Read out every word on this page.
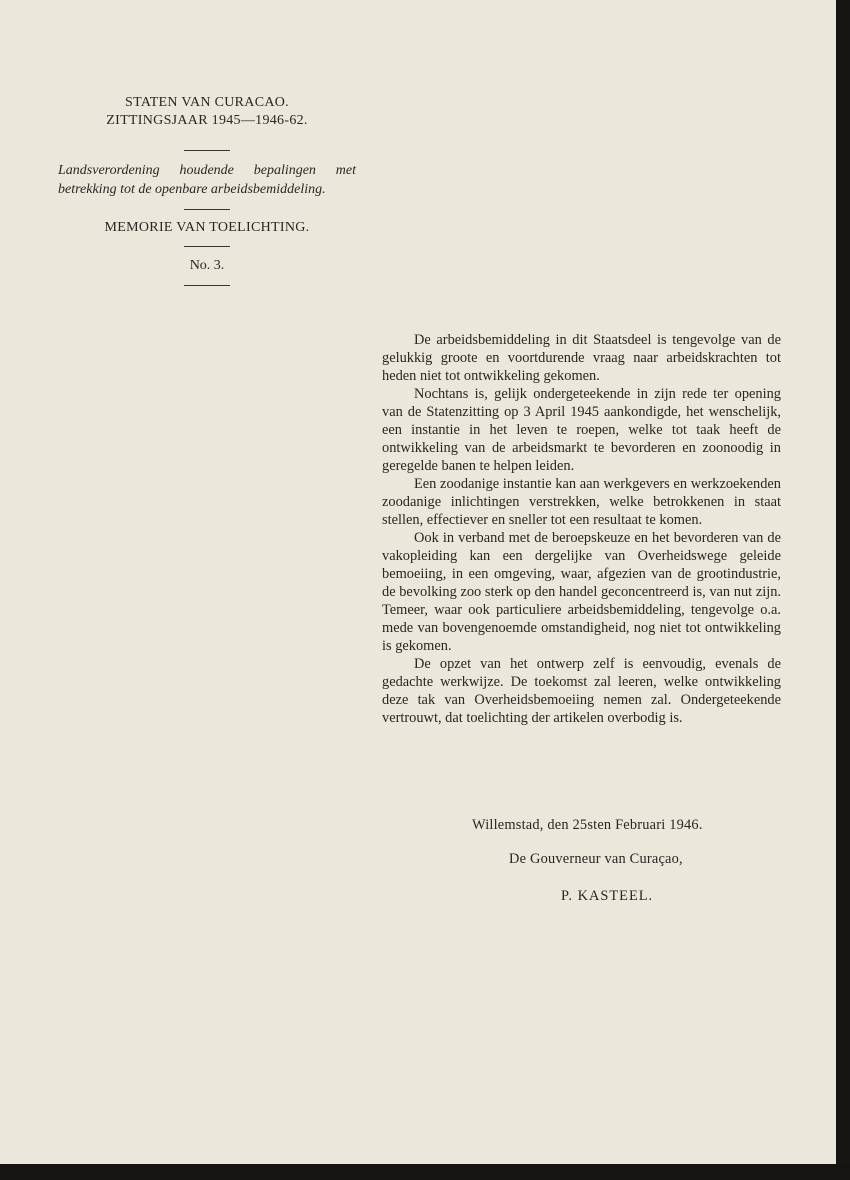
STATEN VAN CURACAO.
ZITTINGSJAAR 1945—1946-62.
Landsverordening houdende bepalingen met betrekking tot de openbare arbeidsbemiddeling.
MEMORIE VAN TOELICHTING.
No. 3.

De arbeidsbemiddeling in dit Staatsdeel is tengevolge van de gelukkig groote en voortdurende vraag naar arbeidskrachten tot heden niet tot ontwikkeling gekomen.

Nochtans is, gelijk ondergeteekende in zijn rede ter opening van de Statenzitting op 3 April 1945 aankondigde, het wenschelijk, een instantie in het leven te roepen, welke tot taak heeft de ontwikkeling van de arbeidsmarkt te bevorderen en zoonoodig in geregelde banen te helpen leiden.

Een zoodanige instantie kan aan werkgevers en werkzoekenden zoodanige inlichtingen verstrekken, welke betrokkenen in staat stellen, effectiever en sneller tot een resultaat te komen.

Ook in verband met de beroepskeuze en het bevorderen van de vakopleiding kan een dergelijke van Overheidswege geleide bemoeiing, in een omgeving, waar, afgezien van de grootindustrie, de bevolking zoo sterk op den handel geconcentreerd is, van nut zijn. Temeer, waar ook particuliere arbeidsbemiddeling, tengevolge o.a. mede van bovengenoemde omstandigheid, nog niet tot ontwikkeling is gekomen.

De opzet van het ontwerp zelf is eenvoudig, evenals de gedachte werkwijze. De toekomst zal leeren, welke ontwikkeling deze tak van Overheidsbemoeiing nemen zal. Ondergeteekende vertrouwt, dat toelichting der artikelen overbodig is.

Willemstad, den 25sten Februari 1946.
De Gouverneur van Curaçao,
P. KASTEEL.
